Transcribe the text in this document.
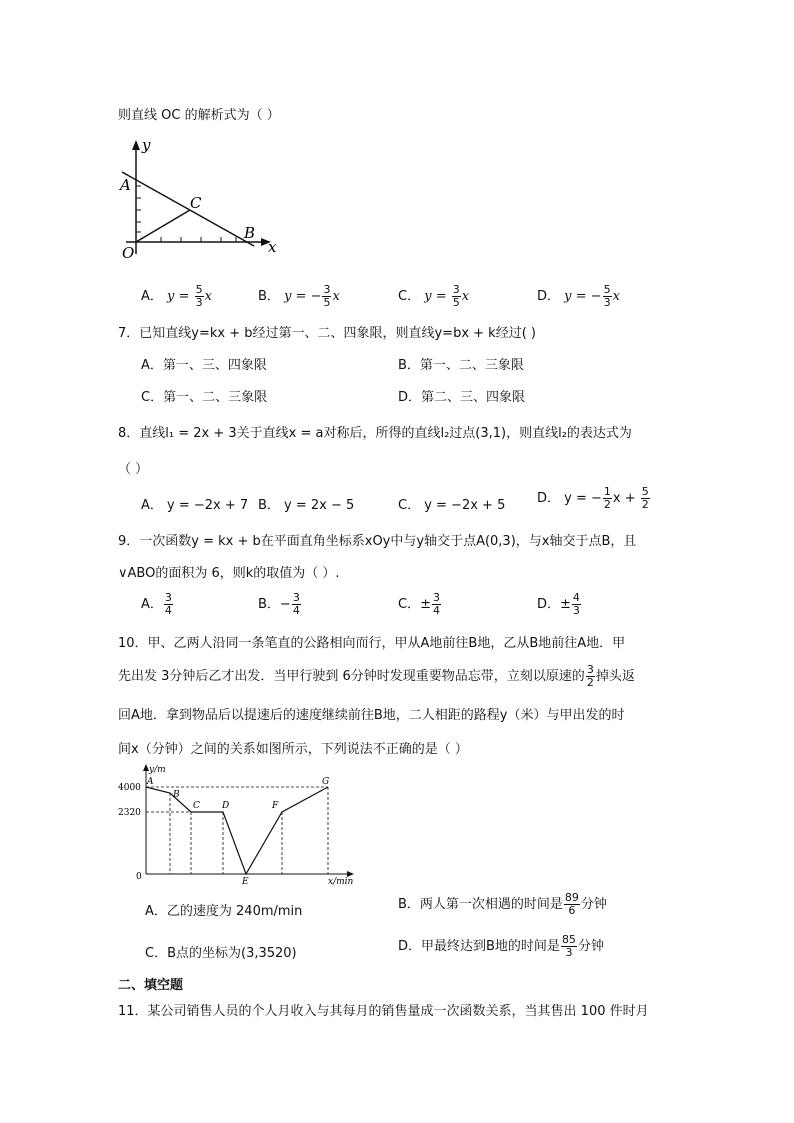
则直线 OC 的解析式为（ ）
y
A
C
O
B
x
A． $y = \frac{5}{3}$ x	B． y = − $\frac{3}{5}$ x	C． $y = \frac{3}{5}$ x	D． y = − $\frac{5}{3}$ x
7．已知直线y=kx + b经过第一、二、四象限，则直线y=bx + k经过( )
A．第一、三、四象限	B．第一、二、三象限
C．第一、二、三象限	D．第二、三、四象限
8．直线l₁ = 2x + 3关于直线x = a对称后，所得的直线l₂过点(3,1)，则直线l₂的表达式为
（ ）
A． y = −2x + 7 B． y = 2x − 5	C． y = −2x + 5 D． y = − $\frac{1}{2}$ $x + \frac{5}{2}$
9．一次函数y = kx + b在平面直角坐标系xOy中与y轴交于点A(0,3)，与x轴交于点B，且
∨ABO的面积为 6，则k的取值为（ ）.
A． $\frac{3}{4}$	B．− $\frac{3}{4}$	C．± $\frac{3}{4}$	D．± $\frac{4}{3}$
10．甲、乙两人沿同一条笔直的公路相向而行，甲从A地前往B地，乙从B地前往A地．甲
先出发 3分钟后乙才出发．当甲行驶到 6分钟时发现重要物品忘带，立刻以原速的 $\frac{3}{2}$ 掉头返
回A地．拿到物品后以提速后的速度继续前往B地，二人相距的路程y（米）与甲出发的时
间x（分钟）之间的关系如图所示，下列说法不正确的是（ ）
y/m
x/min
0
4000
2320
A
B
C D
E
F
G
A．乙的速度为 240m/min	B．两人第一次相遇的时间是 $\frac{89}{6}$ 分钟
C．B点的坐标为(3,3520)	D．甲最终达到B地的时间是 $\frac{85}{3}$ 分钟
二、填空题
11．某公司销售人员的个人月收入与其每月的销售量成一次函数关系，当其售出 100 件时月
